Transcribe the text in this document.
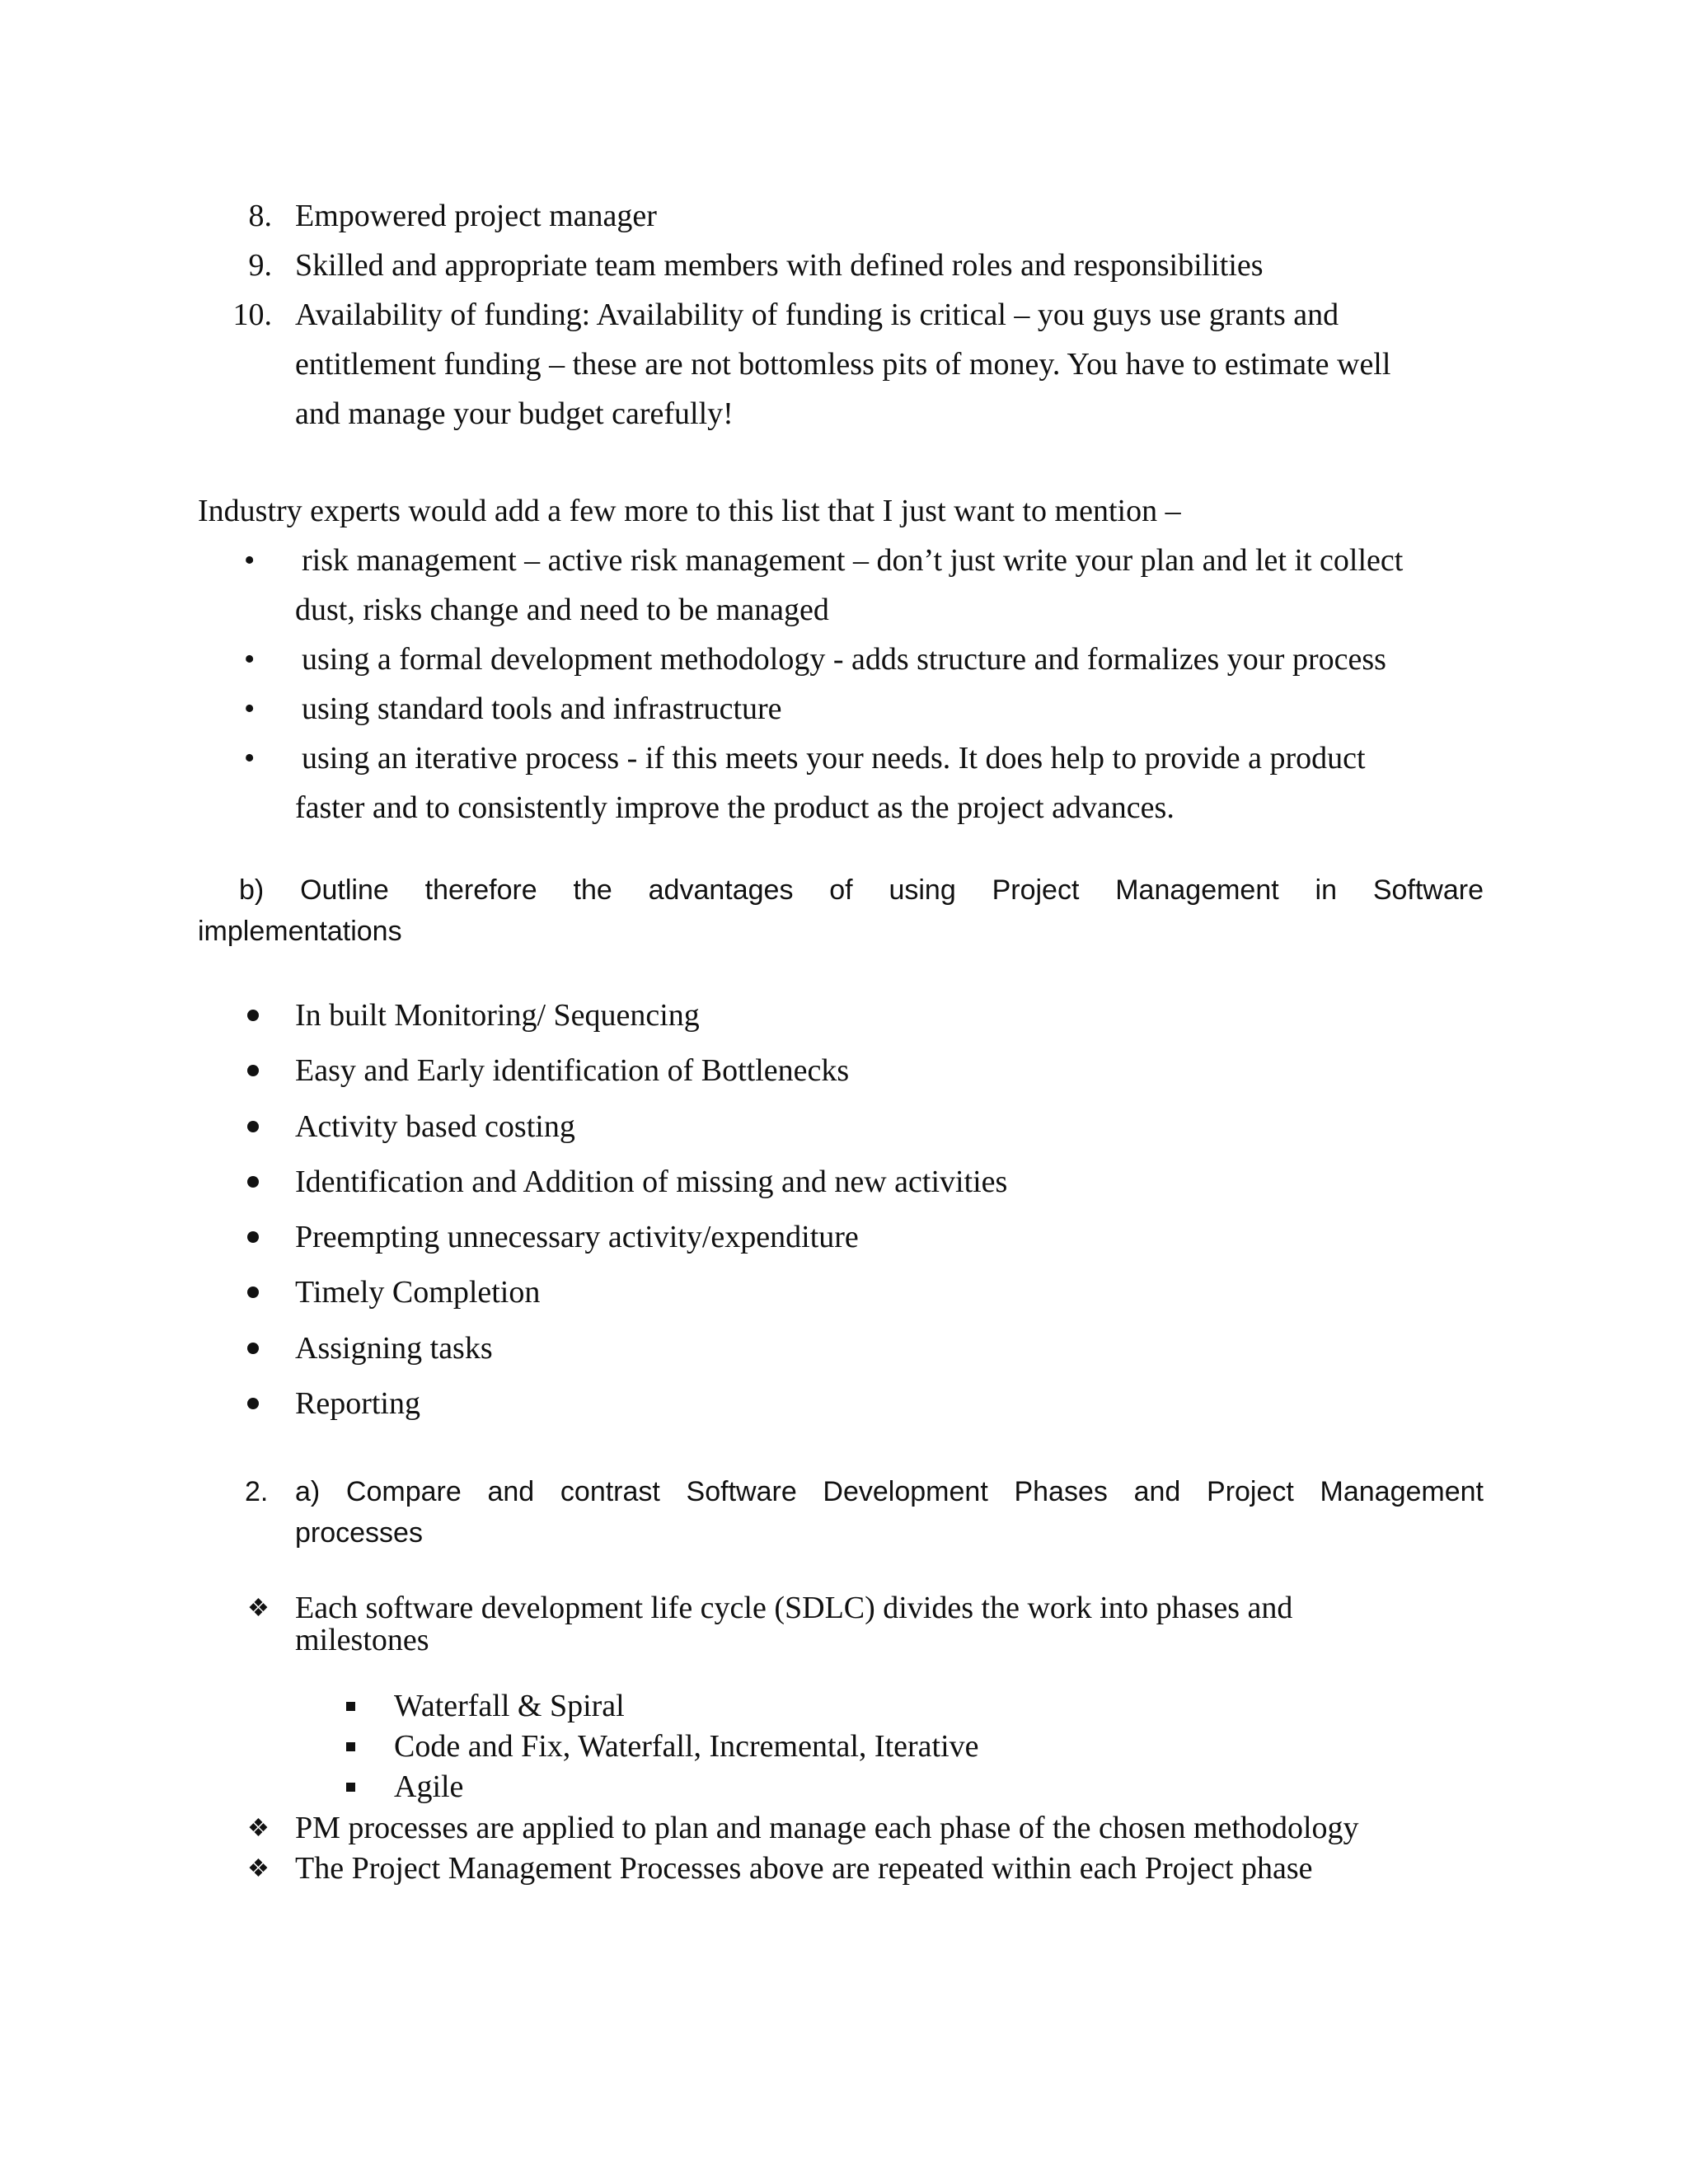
8. Empowered project manager
9. Skilled and appropriate team members with defined roles and responsibilities
10. Availability of funding: Availability of funding is critical – you guys use grants and
entitlement funding – these are not bottomless pits of money. You have to estimate well
and manage your budget carefully!
Industry experts would add a few more to this list that I just want to mention –
• risk management – active risk management – don’t just write your plan and let it collect
dust, risks change and need to be managed
• using a formal development methodology - adds structure and formalizes your process
• using standard tools and infrastructure
• using an iterative process - if this meets your needs. It does help to provide a product
faster and to consistently improve the product as the project advances.
b) Outline therefore the advantages of using Project Management in Software
implementations
In built Monitoring/ Sequencing
Easy and Early identification of Bottlenecks
Activity based costing
Identification and Addition of missing and new activities
Preempting unnecessary activity/expenditure
Timely Completion
Assigning tasks
Reporting
2. a) Compare and contrast Software Development Phases and Project Management
processes
❖ Each software development life cycle (SDLC) divides the work into phases and
milestones
Waterfall & Spiral
Code and Fix, Waterfall, Incremental, Iterative
Agile
❖ PM processes are applied to plan and manage each phase of the chosen methodology
❖ The Project Management Processes above are repeated within each Project phase
